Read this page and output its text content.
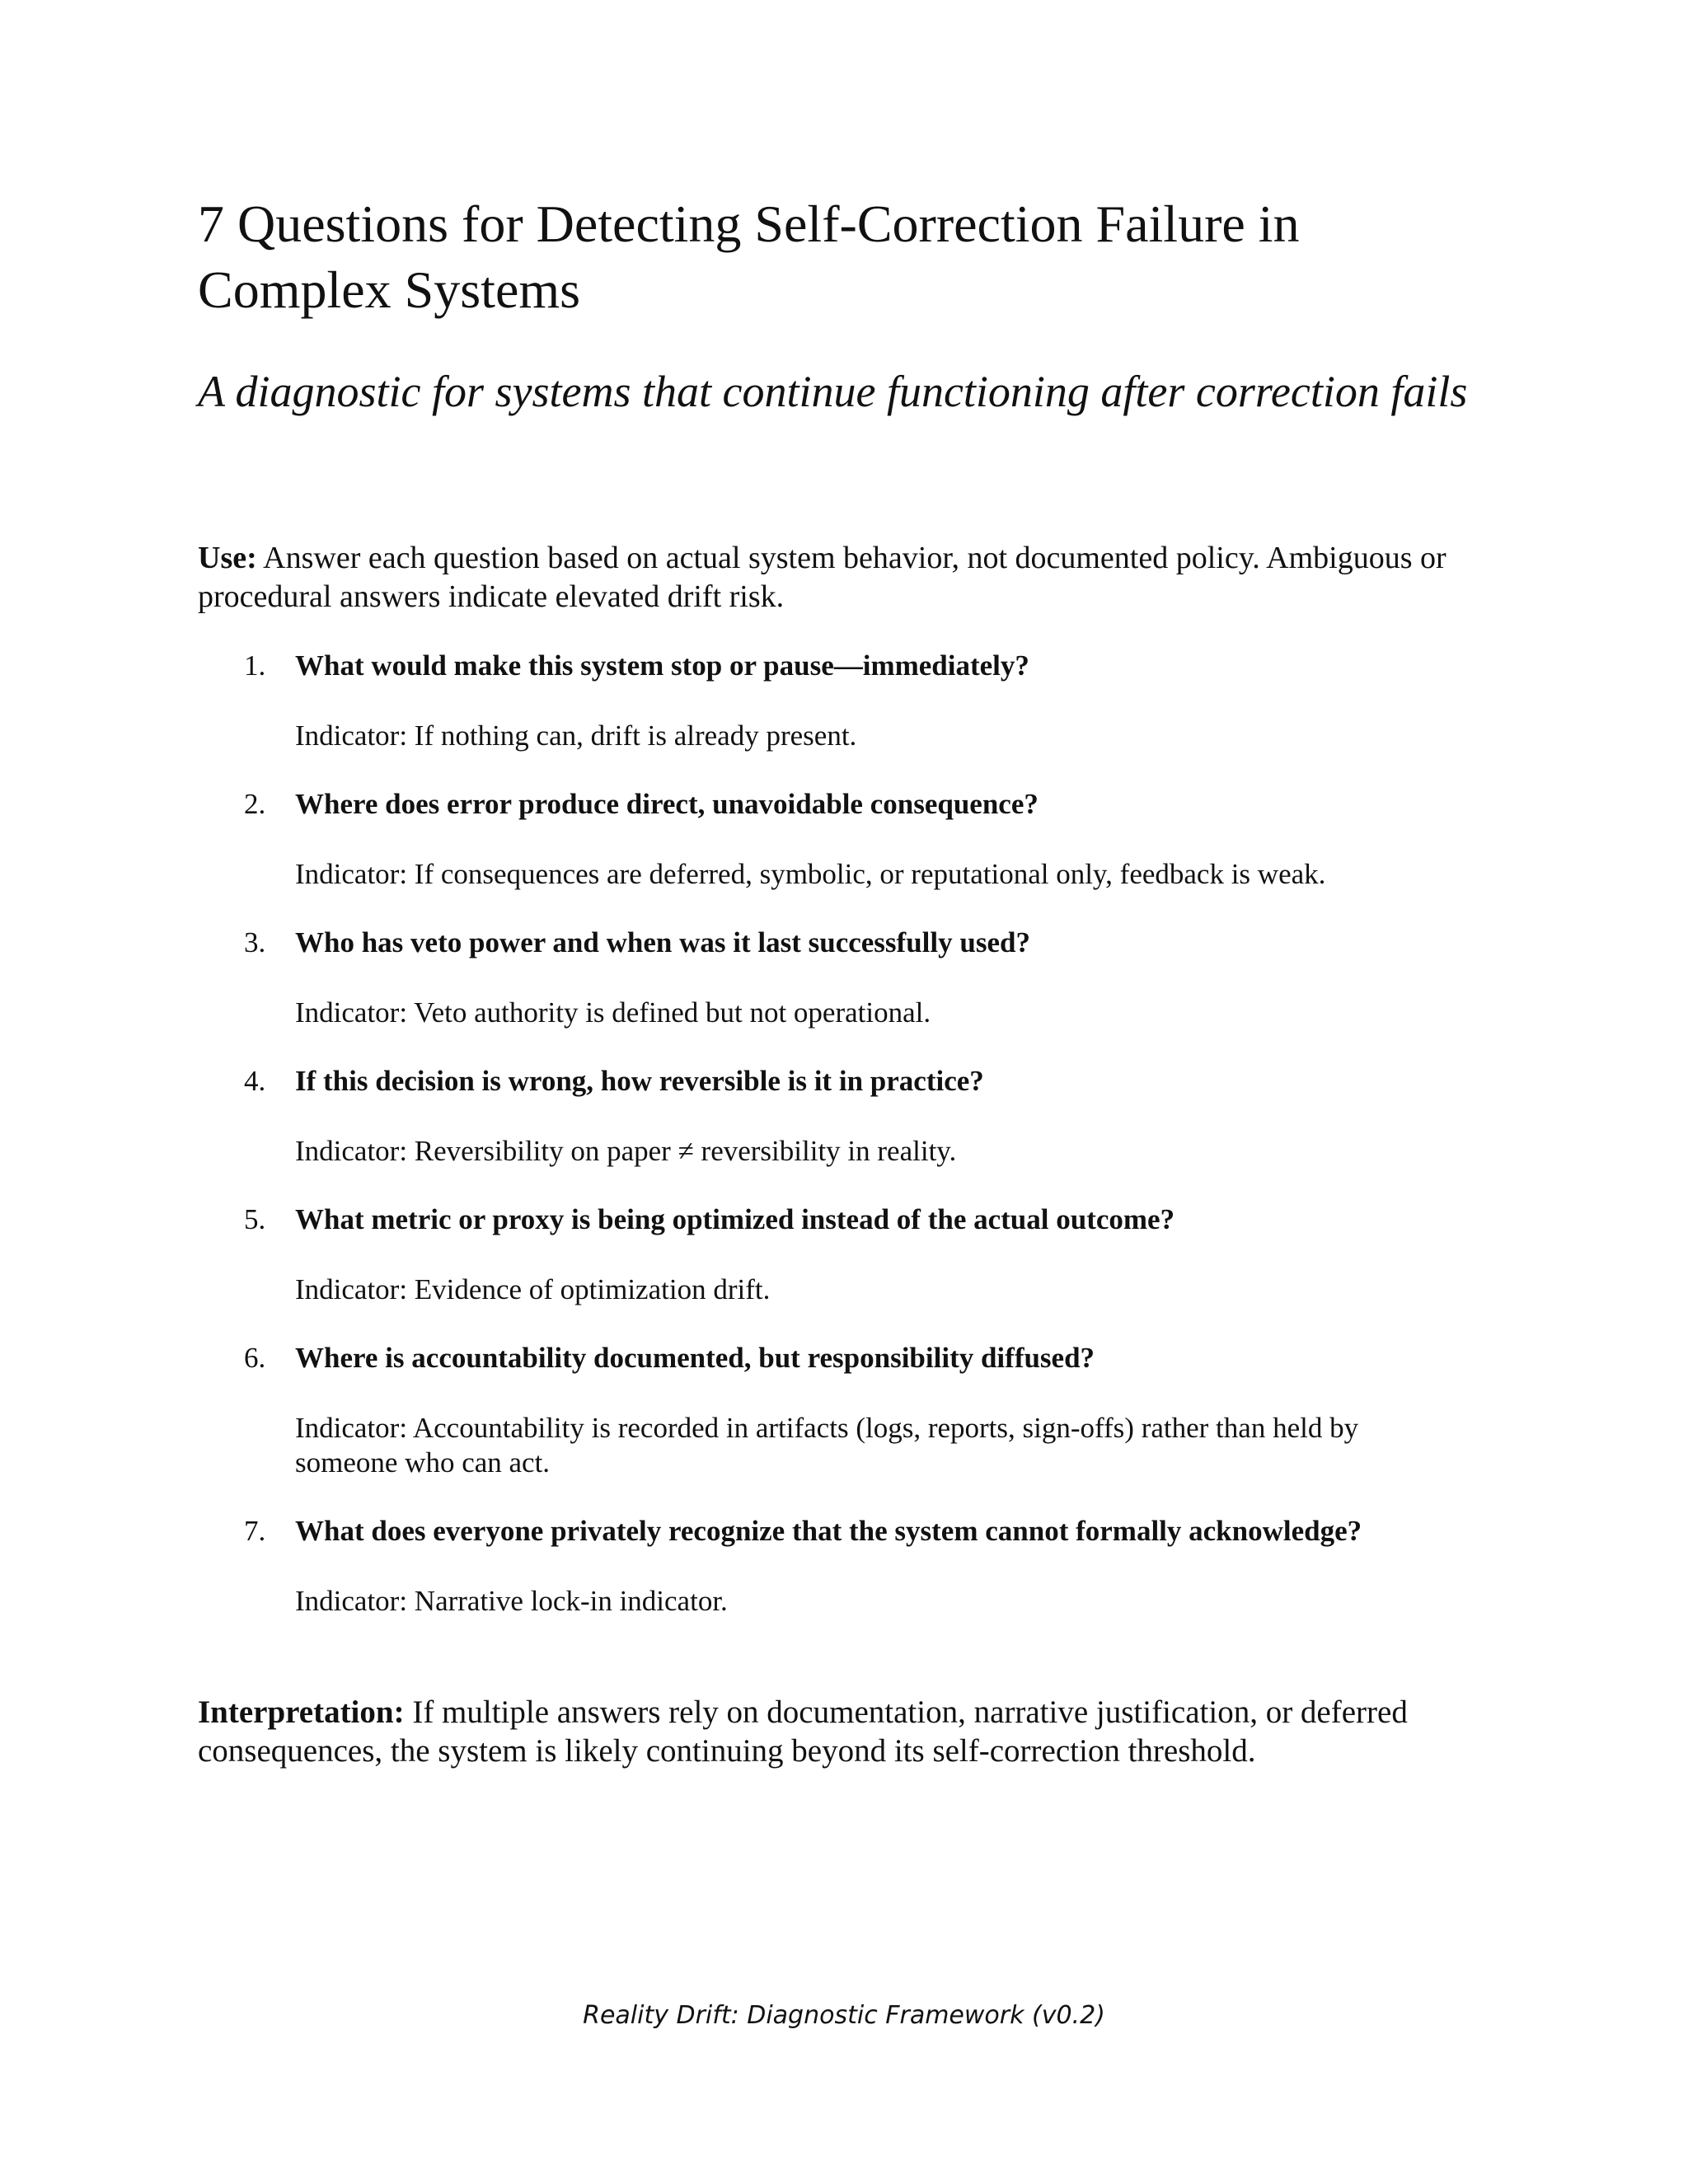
7 Questions for Detecting Self-Correction Failure in Complex Systems
A diagnostic for systems that continue functioning after correction fails

Use: Answer each question based on actual system behavior, not documented policy. Ambiguous or procedural answers indicate elevated drift risk.

1. What would make this system stop or pause—immediately?
Indicator: If nothing can, drift is already present.
2. Where does error produce direct, unavoidable consequence?
Indicator: If consequences are deferred, symbolic, or reputational only, feedback is weak.
3. Who has veto power and when was it last successfully used?
Indicator: Veto authority is defined but not operational.
4. If this decision is wrong, how reversible is it in practice?
Indicator: Reversibility on paper ≠ reversibility in reality.
5. What metric or proxy is being optimized instead of the actual outcome?
Indicator: Evidence of optimization drift.
6. Where is accountability documented, but responsibility diffused?
Indicator: Accountability is recorded in artifacts (logs, reports, sign-offs) rather than held by someone who can act.
7. What does everyone privately recognize that the system cannot formally acknowledge?
Indicator: Narrative lock-in indicator.

Interpretation: If multiple answers rely on documentation, narrative justification, or deferred consequences, the system is likely continuing beyond its self-correction threshold.

Reality Drift: Diagnostic Framework (v0.2)
